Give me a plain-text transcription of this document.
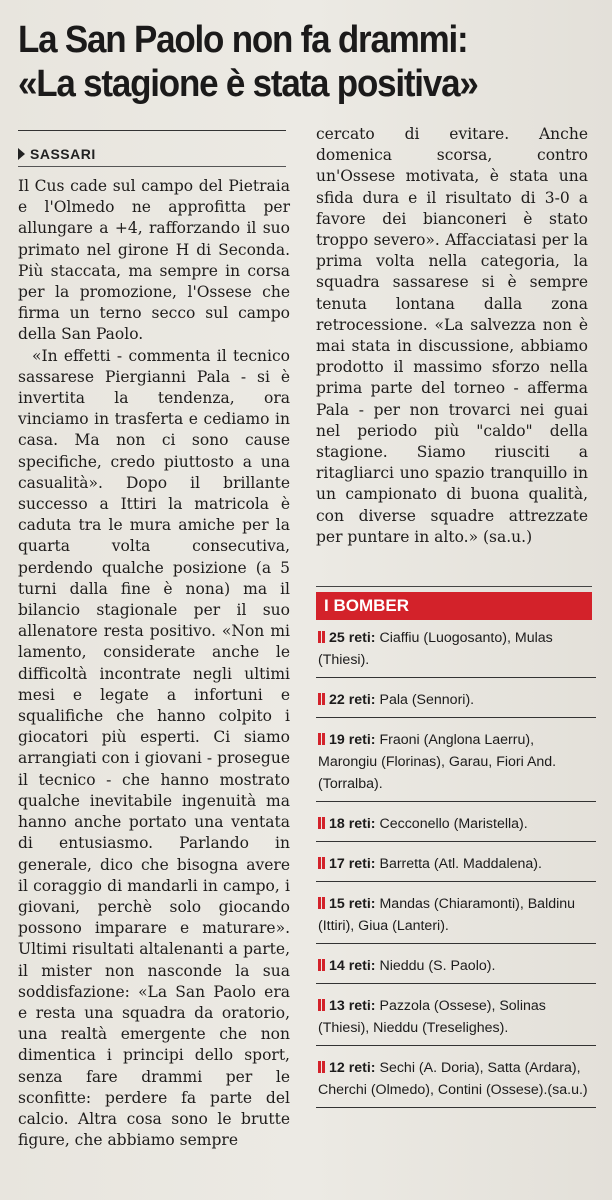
La San Paolo non fa drammi:
«La stagione è stata positiva»
SASSARI

Il Cus cade sul campo del Pietraia e l'Olmedo ne approfitta per allungare a +4, rafforzando il suo primato nel girone H di Seconda. Più staccata, ma sempre in corsa per la promozione, l'Ossese che firma un terno secco sul campo della San Paolo.

«In effetti - commenta il tecnico sassarese Piergianni Pala - si è invertita la tendenza, ora vinciamo in trasferta e cediamo in casa. Ma non ci sono cause specifiche, credo piuttosto a una casualità». Dopo il brillante successo a Ittiri la matricola è caduta tra le mura amiche per la quarta volta consecutiva, perdendo qualche posizione (a 5 turni dalla fine è nona) ma il bilancio stagionale per il suo allenatore resta positivo. «Non mi lamento, considerate anche le difficoltà incontrate negli ultimi mesi e legate a infortuni e squalifiche che hanno colpito i giocatori più esperti. Ci siamo arrangiati con i giovani - prosegue il tecnico - che hanno mostrato qualche inevitabile ingenuità ma hanno anche portato una ventata di entusiasmo. Parlando in generale, dico che bisogna avere il coraggio di mandarli in campo, i giovani, perchè solo giocando possono imparare e maturare». Ultimi risultati altalenanti a parte, il mister non nasconde la sua soddisfazione: «La San Paolo era e resta una squadra da oratorio, una realtà emergente che non dimentica i principi dello sport, senza fare drammi per le sconfitte: perdere fa parte del calcio. Altra cosa sono le brutte figure, che abbiamo sempre

cercato di evitare. Anche domenica scorsa, contro un'Ossese motivata, è stata una sfida dura e il risultato di 3-0 a favore dei bianconeri è stato troppo severo». Affacciatasi per la prima volta nella categoria, la squadra sassarese si è sempre tenuta lontana dalla zona retrocessione. «La salvezza non è mai stata in discussione, abbiamo prodotto il massimo sforzo nella prima parte del torneo - afferma Pala - per non trovarci nei guai nel periodo più "caldo" della stagione. Siamo riusciti a ritagliarci uno spazio tranquillo in un campionato di buona qualità, con diverse squadre attrezzate per puntare in alto.» (sa.u.)

I BOMBER
25 reti: Ciaffiu (Luogosanto), Mulas (Thiesi).
22 reti: Pala (Sennori).
19 reti: Fraoni (Anglona Laerru), Marongiu (Florinas), Garau, Fiori And. (Torralba).
18 reti: Cecconello (Maristella).
17 reti: Barretta (Atl. Maddalena).
15 reti: Mandas (Chiaramonti), Baldinu (Ittiri), Giua (Lanteri).
14 reti: Nieddu (S. Paolo).
13 reti: Pazzola (Ossese), Solinas (Thiesi), Nieddu (Treselighes).
12 reti: Sechi (A. Doria), Satta (Ardara), Cherchi (Olmedo), Contini (Ossese).(sa.u.)
